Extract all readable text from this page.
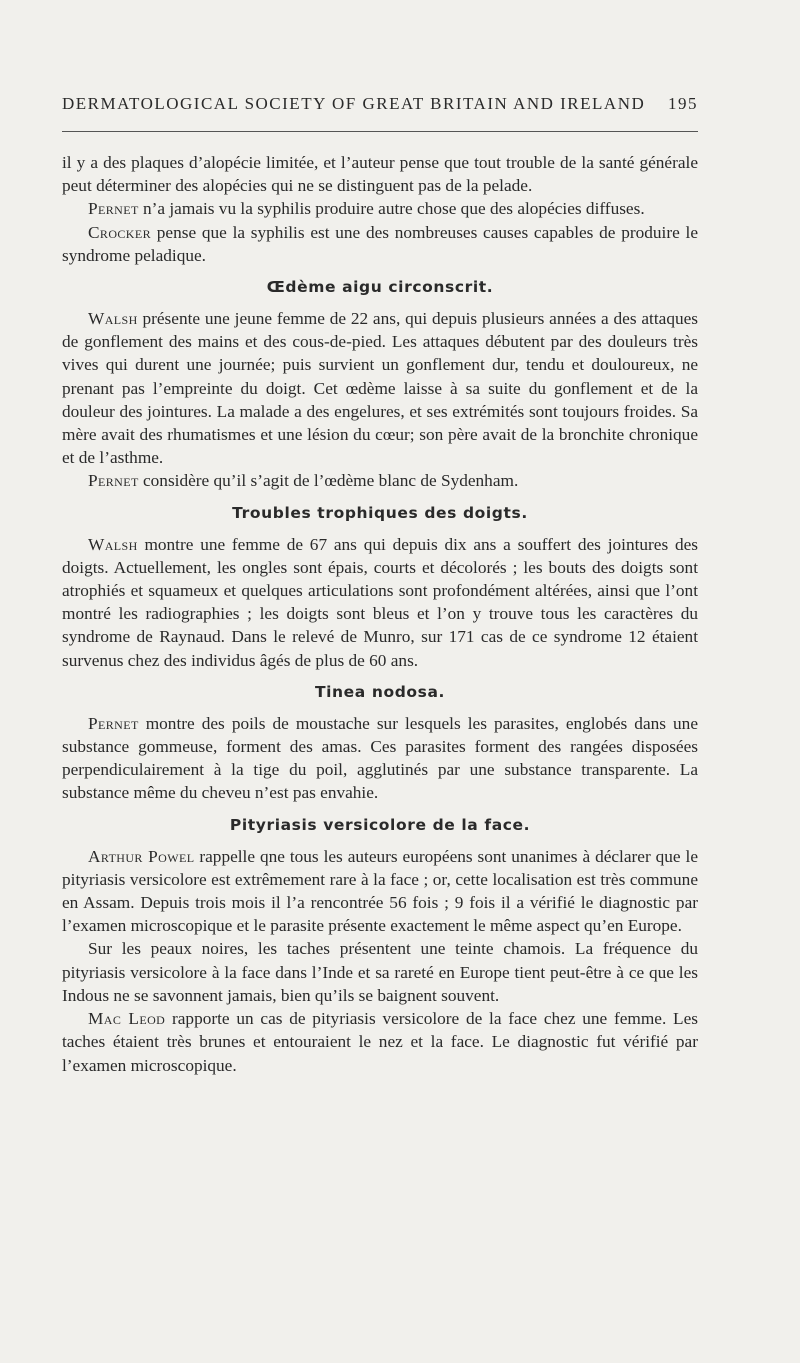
DERMATOLOGICAL SOCIETY OF GREAT BRITAIN AND IRELAND 195

il y a des plaques d’alopécie limitée, et l’auteur pense que tout trouble de la santé générale peut déterminer des alopécies qui ne se distinguent pas de la pelade.

Pernet n’a jamais vu la syphilis produire autre chose que des alopécies diffuses.

Crocker pense que la syphilis est une des nombreuses causes capables de produire le syndrome peladique.

Œdème aigu circonscrit.

Walsh présente une jeune femme de 22 ans, qui depuis plusieurs années a des attaques de gonflement des mains et des cous-de-pied. Les attaques débutent par des douleurs très vives qui durent une journée; puis survient un gonflement dur, tendu et douloureux, ne prenant pas l’empreinte du doigt. Cet œdème laisse à sa suite du gonflement et de la douleur des jointures. La malade a des engelures, et ses extrémités sont toujours froides. Sa mère avait des rhumatismes et une lésion du cœur; son père avait de la bronchite chronique et de l’asthme.

Pernet considère qu’il s’agit de l’œdème blanc de Sydenham.

Troubles trophiques des doigts.

Walsh montre une femme de 67 ans qui depuis dix ans a souffert des jointures des doigts. Actuellement, les ongles sont épais, courts et décolorés ; les bouts des doigts sont atrophiés et squameux et quelques articulations sont profondément altérées, ainsi que l’ont montré les radiographies ; les doigts sont bleus et l’on y trouve tous les caractères du syndrome de Raynaud. Dans le relevé de Munro, sur 171 cas de ce syndrome 12 étaient survenus chez des individus âgés de plus de 60 ans.

Tinea nodosa.

Pernet montre des poils de moustache sur lesquels les parasites, englobés dans une substance gommeuse, forment des amas. Ces parasites forment des rangées disposées perpendiculairement à la tige du poil, agglutinés par une substance transparente. La substance même du cheveu n’est pas envahie.

Pityriasis versicolore de la face.

Arthur Powel rappelle qne tous les auteurs européens sont unanimes à déclarer que le pityriasis versicolore est extrêmement rare à la face ; or, cette localisation est très commune en Assam. Depuis trois mois il l’a rencontrée 56 fois ; 9 fois il a vérifié le diagnostic par l’examen microscopique et le parasite présente exactement le même aspect qu’en Europe.

Sur les peaux noires, les taches présentent une teinte chamois. La fréquence du pityriasis versicolore à la face dans l’Inde et sa rareté en Europe tient peut-être à ce que les Indous ne se savonnent jamais, bien qu’ils se baignent souvent.

Mac Leod rapporte un cas de pityriasis versicolore de la face chez une femme. Les taches étaient très brunes et entouraient le nez et la face. Le diagnostic fut vérifié par l’examen microscopique.
